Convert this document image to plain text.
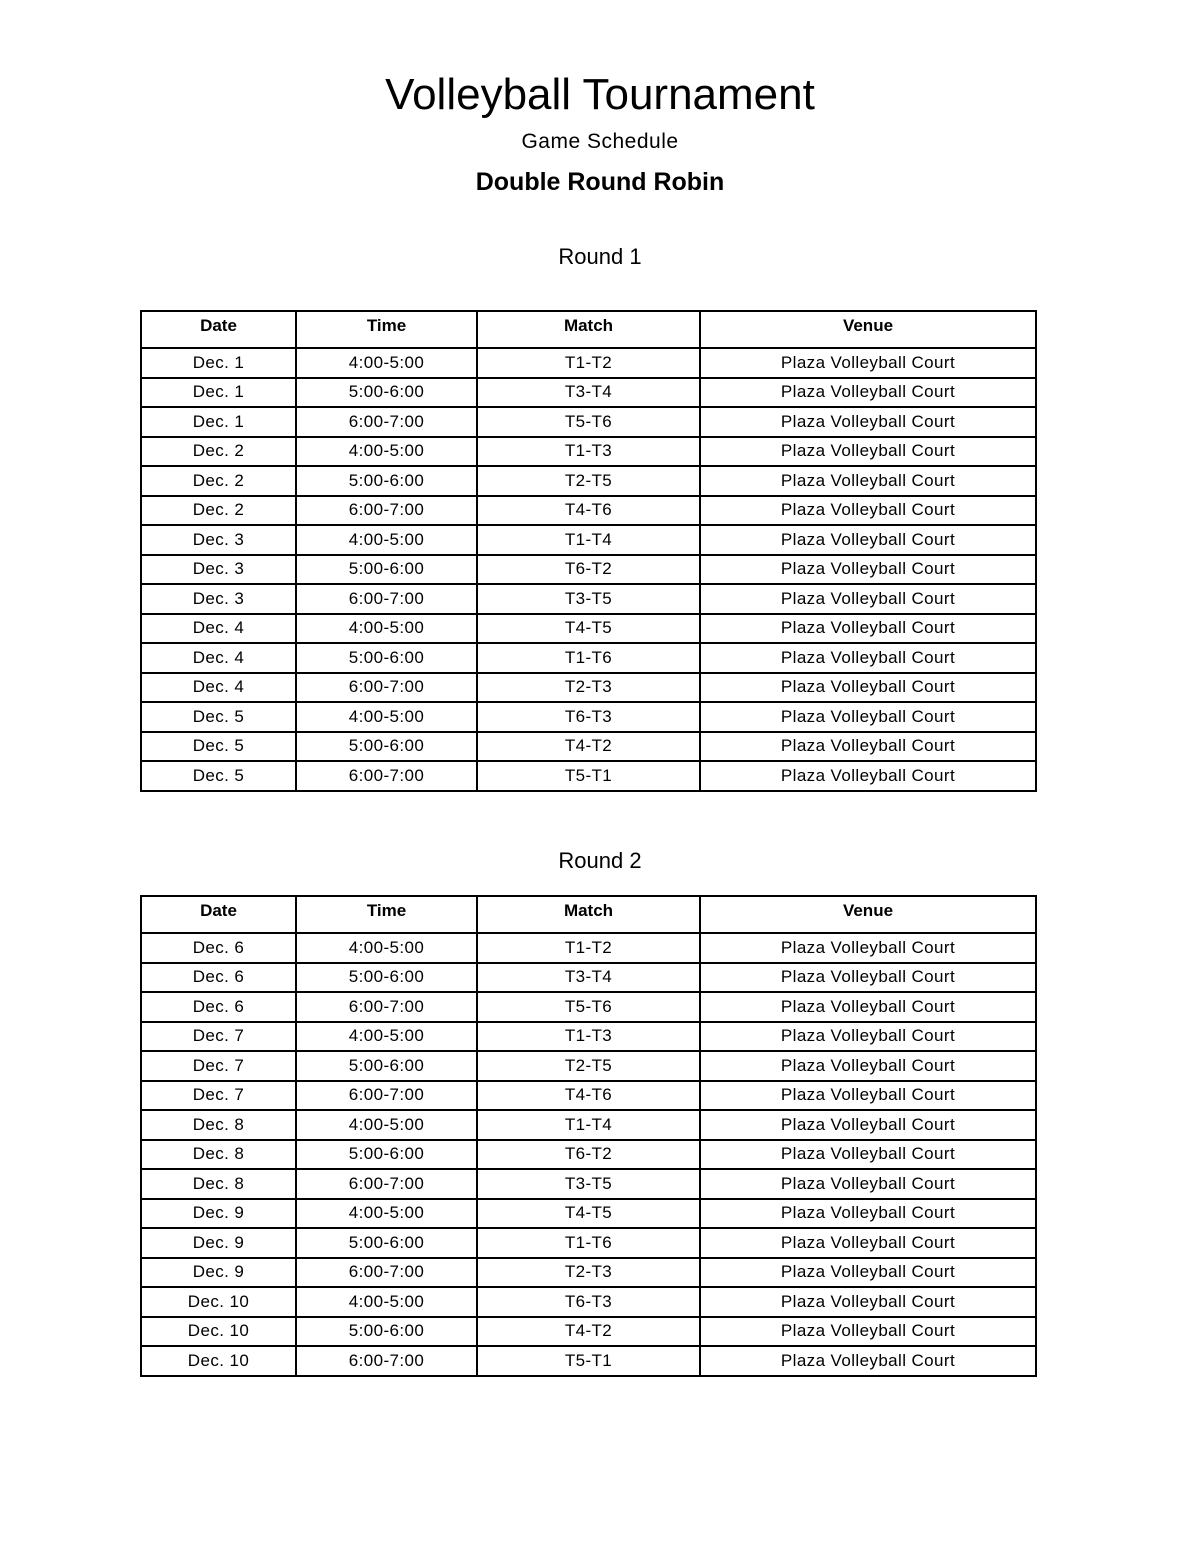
Volleyball Tournament
Game Schedule
Double Round Robin
Round 1
Date	Time	Match	Venue
Dec. 1	4:00-5:00	T1-T2	Plaza Volleyball Court
Dec. 1	5:00-6:00	T3-T4	Plaza Volleyball Court
Dec. 1	6:00-7:00	T5-T6	Plaza Volleyball Court
Dec. 2	4:00-5:00	T1-T3	Plaza Volleyball Court
Dec. 2	5:00-6:00	T2-T5	Plaza Volleyball Court
Dec. 2	6:00-7:00	T4-T6	Plaza Volleyball Court
Dec. 3	4:00-5:00	T1-T4	Plaza Volleyball Court
Dec. 3	5:00-6:00	T6-T2	Plaza Volleyball Court
Dec. 3	6:00-7:00	T3-T5	Plaza Volleyball Court
Dec. 4	4:00-5:00	T4-T5	Plaza Volleyball Court
Dec. 4	5:00-6:00	T1-T6	Plaza Volleyball Court
Dec. 4	6:00-7:00	T2-T3	Plaza Volleyball Court
Dec. 5	4:00-5:00	T6-T3	Plaza Volleyball Court
Dec. 5	5:00-6:00	T4-T2	Plaza Volleyball Court
Dec. 5	6:00-7:00	T5-T1	Plaza Volleyball Court
Round 2
Date	Time	Match	Venue
Dec. 6	4:00-5:00	T1-T2	Plaza Volleyball Court
Dec. 6	5:00-6:00	T3-T4	Plaza Volleyball Court
Dec. 6	6:00-7:00	T5-T6	Plaza Volleyball Court
Dec. 7	4:00-5:00	T1-T3	Plaza Volleyball Court
Dec. 7	5:00-6:00	T2-T5	Plaza Volleyball Court
Dec. 7	6:00-7:00	T4-T6	Plaza Volleyball Court
Dec. 8	4:00-5:00	T1-T4	Plaza Volleyball Court
Dec. 8	5:00-6:00	T6-T2	Plaza Volleyball Court
Dec. 8	6:00-7:00	T3-T5	Plaza Volleyball Court
Dec. 9	4:00-5:00	T4-T5	Plaza Volleyball Court
Dec. 9	5:00-6:00	T1-T6	Plaza Volleyball Court
Dec. 9	6:00-7:00	T2-T3	Plaza Volleyball Court
Dec. 10	4:00-5:00	T6-T3	Plaza Volleyball Court
Dec. 10	5:00-6:00	T4-T2	Plaza Volleyball Court
Dec. 10	6:00-7:00	T5-T1	Plaza Volleyball Court
